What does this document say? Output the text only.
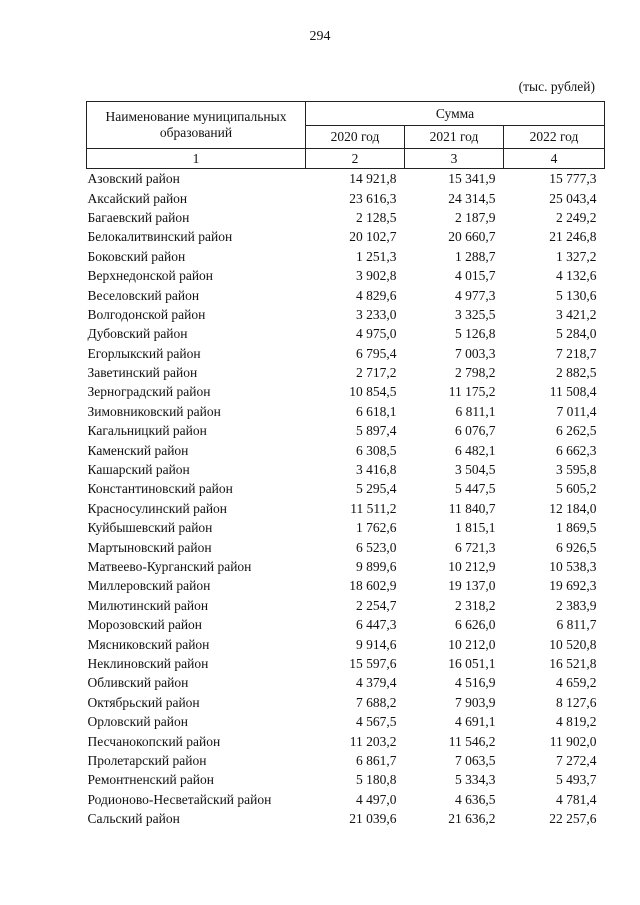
294
(тыс. рублей)
Наименование муниципальных образований	Сумма		
	2020 год	2021 год	2022 год
1	2	3	4
Азовский район	14 921,8	15 341,9	15 777,3
Аксайский район	23 616,3	24 314,5	25 043,4
Багаевский район	2 128,5	2 187,9	2 249,2
Белокалитвинский район	20 102,7	20 660,7	21 246,8
Боковский район	1 251,3	1 288,7	1 327,2
Верхнедонской район	3 902,8	4 015,7	4 132,6
Веселовский район	4 829,6	4 977,3	5 130,6
Волгодонской район	3 233,0	3 325,5	3 421,2
Дубовский район	4 975,0	5 126,8	5 284,0
Егорлыкский район	6 795,4	7 003,3	7 218,7
Заветинский район	2 717,2	2 798,2	2 882,5
Зерноградский район	10 854,5	11 175,2	11 508,4
Зимовниковский район	6 618,1	6 811,1	7 011,4
Кагальницкий район	5 897,4	6 076,7	6 262,5
Каменский район	6 308,5	6 482,1	6 662,3
Кашарский район	3 416,8	3 504,5	3 595,8
Константиновский район	5 295,4	5 447,5	5 605,2
Красносулинский район	11 511,2	11 840,7	12 184,0
Куйбышевский район	1 762,6	1 815,1	1 869,5
Мартыновский район	6 523,0	6 721,3	6 926,5
Матвеево-Курганский район	9 899,6	10 212,9	10 538,3
Миллеровский район	18 602,9	19 137,0	19 692,3
Милютинский район	2 254,7	2 318,2	2 383,9
Морозовский район	6 447,3	6 626,0	6 811,7
Мясниковский район	9 914,6	10 212,0	10 520,8
Неклиновский район	15 597,6	16 051,1	16 521,8
Обливский район	4 379,4	4 516,9	4 659,2
Октябрьский район	7 688,2	7 903,9	8 127,6
Орловский район	4 567,5	4 691,1	4 819,2
Песчанокопский район	11 203,2	11 546,2	11 902,0
Пролетарский район	6 861,7	7 063,5	7 272,4
Ремонтненский район	5 180,8	5 334,3	5 493,7
Родионово-Несветайский район	4 497,0	4 636,5	4 781,4
Сальский район	21 039,6	21 636,2	22 257,6
